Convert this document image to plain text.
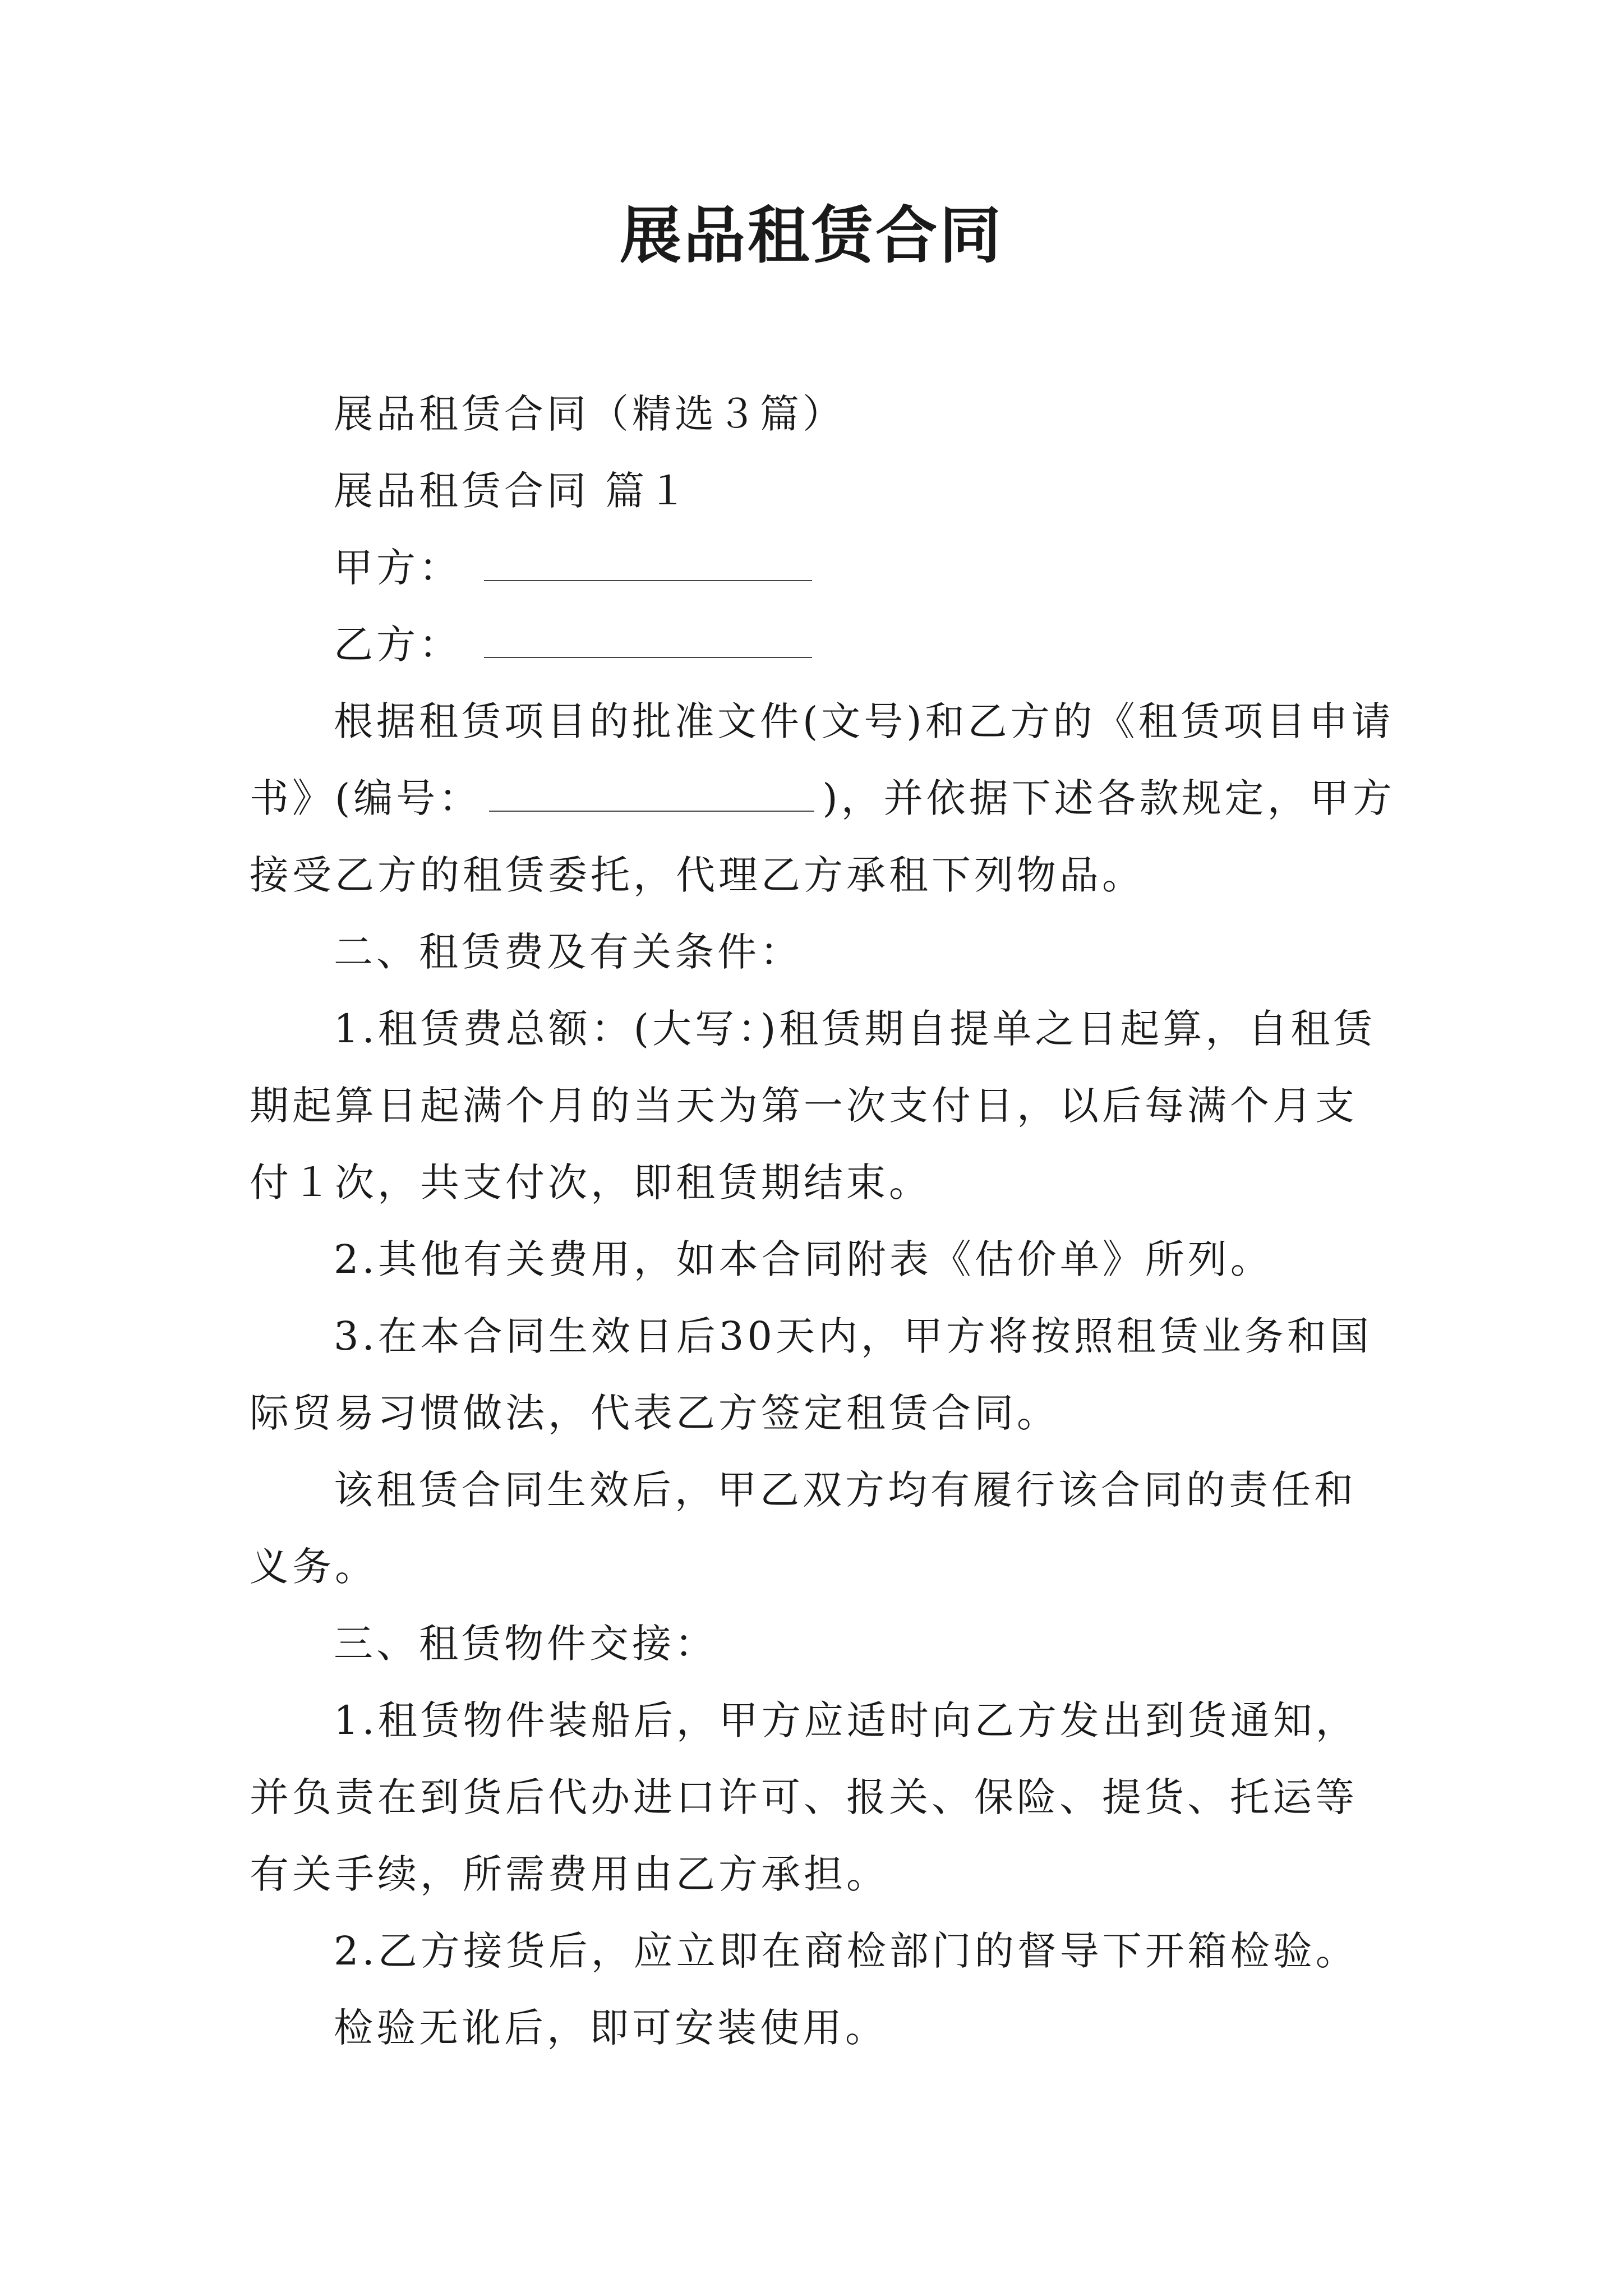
展品租赁合同

展品租赁合同（精选３篇）

展品租赁合同 篇１

甲方：

乙方：

根据租赁项目的批准文件(文号)和乙方的《租赁项目申请书》(编号：	)，并依据下述各款规定，甲方接受乙方的租赁委托，代理乙方承租下列物品。

二、租赁费及有关条件：

1.租赁费总额：(大写：)租赁期自提单之日起算，自租赁期起算日起满个月的当天为第一次支付日，以后每满个月支付１次，共支付次，即租赁期结束。

2.其他有关费用，如本合同附表《估价单》所列。

3.在本合同生效日后30天内，甲方将按照租赁业务和国际贸易习惯做法，代表乙方签定租赁合同。

该租赁合同生效后，甲乙双方均有履行该合同的责任和义务。

三、租赁物件交接：

1.租赁物件装船后，甲方应适时向乙方发出到货通知，并负责在到货后代办进口许可、报关、保险、提货、托运等有关手续，所需费用由乙方承担。

2.乙方接货后，应立即在商检部门的督导下开箱检验。

检验无讹后，即可安装使用。
